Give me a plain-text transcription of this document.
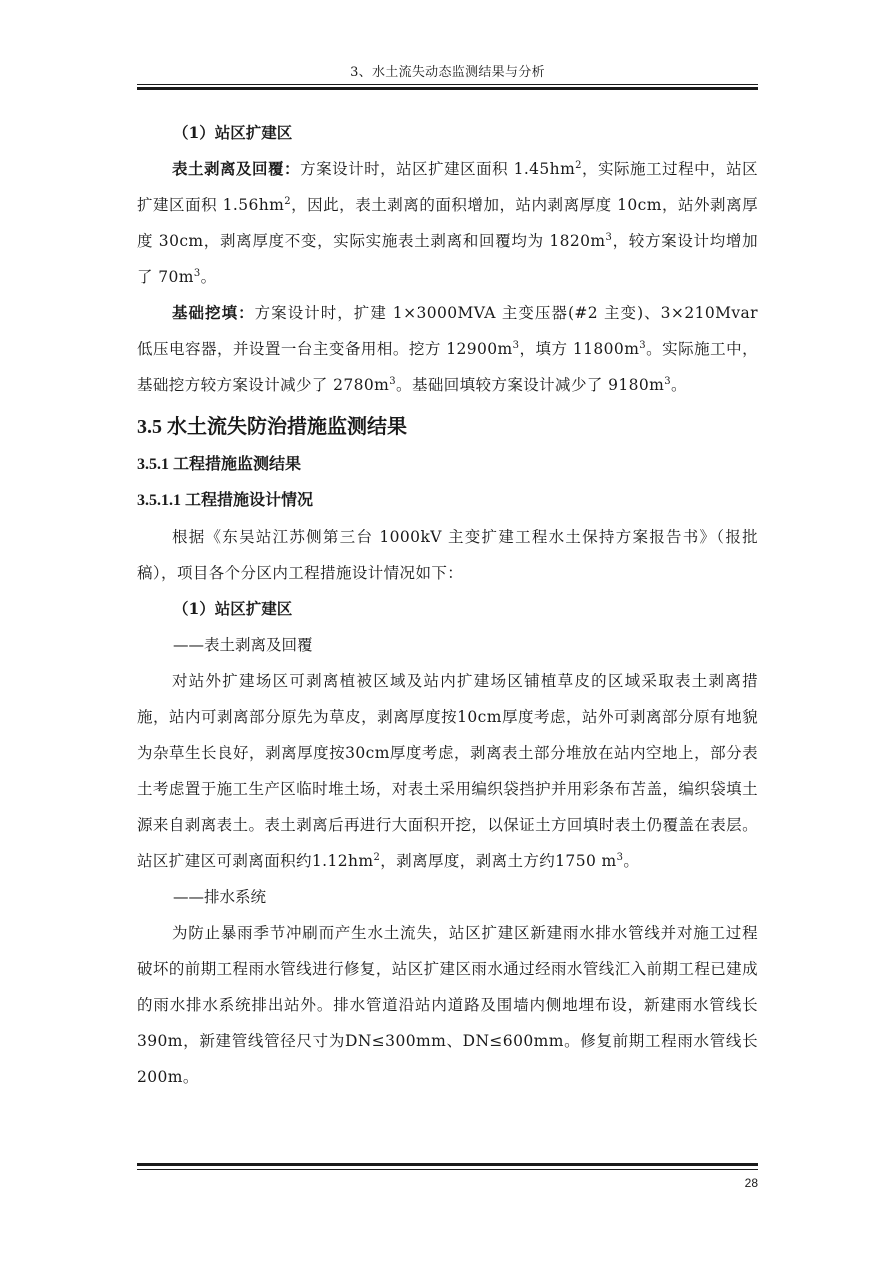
3、水土流失动态监测结果与分析

（1）站区扩建区

表土剥离及回覆：方案设计时，站区扩建区面积 $1.45hm^2$，实际施工过程中，站区扩建区面积 $1.56hm^2$，因此，表土剥离的面积增加，站内剥离厚度 10cm，站外剥离厚度 30cm，剥离厚度不变，实际实施表土剥离和回覆均为 $1820m^3$，较方案设计均增加了 $70m^3$。

基础挖填：方案设计时，扩建 1×3000MVA 主变压器(#2 主变)、3×210Mvar 低压电容器，并设置一台主变备用相。挖方 $12900m^3$，填方 $11800m^3$。实际施工中，基础挖方较方案设计减少了 $2780m^3$。基础回填较方案设计减少了 $9180m^3$。

3.5 水土流失防治措施监测结果

3.5.1 工程措施监测结果

3.5.1.1 工程措施设计情况

根据《东吴站江苏侧第三台 1000kV 主变扩建工程水土保持方案报告书》（报批稿），项目各个分区内工程措施设计情况如下：

（1）站区扩建区

——表土剥离及回覆

对站外扩建场区可剥离植被区域及站内扩建场区铺植草皮的区域采取表土剥离措施，站内可剥离部分原先为草皮，剥离厚度按10cm厚度考虑，站外可剥离部分原有地貌为杂草生长良好，剥离厚度按30cm厚度考虑，剥离表土部分堆放在站内空地上，部分表土考虑置于施工生产区临时堆土场，对表土采用编织袋挡护并用彩条布苫盖，编织袋填土源来自剥离表土。表土剥离后再进行大面积开挖，以保证土方回填时表土仍覆盖在表层。站区扩建区可剥离面积约$1.12hm^2$，剥离厚度，剥离土方约1750 $m^3$。

——排水系统

为防止暴雨季节冲刷而产生水土流失，站区扩建区新建雨水排水管线并对施工过程破坏的前期工程雨水管线进行修复，站区扩建区雨水通过经雨水管线汇入前期工程已建成的雨水排水系统排出站外。排水管道沿站内道路及围墙内侧地埋布设，新建雨水管线长390m，新建管线管径尺寸为DN≤300mm、DN≤600mm。修复前期工程雨水管线长200m。

28
